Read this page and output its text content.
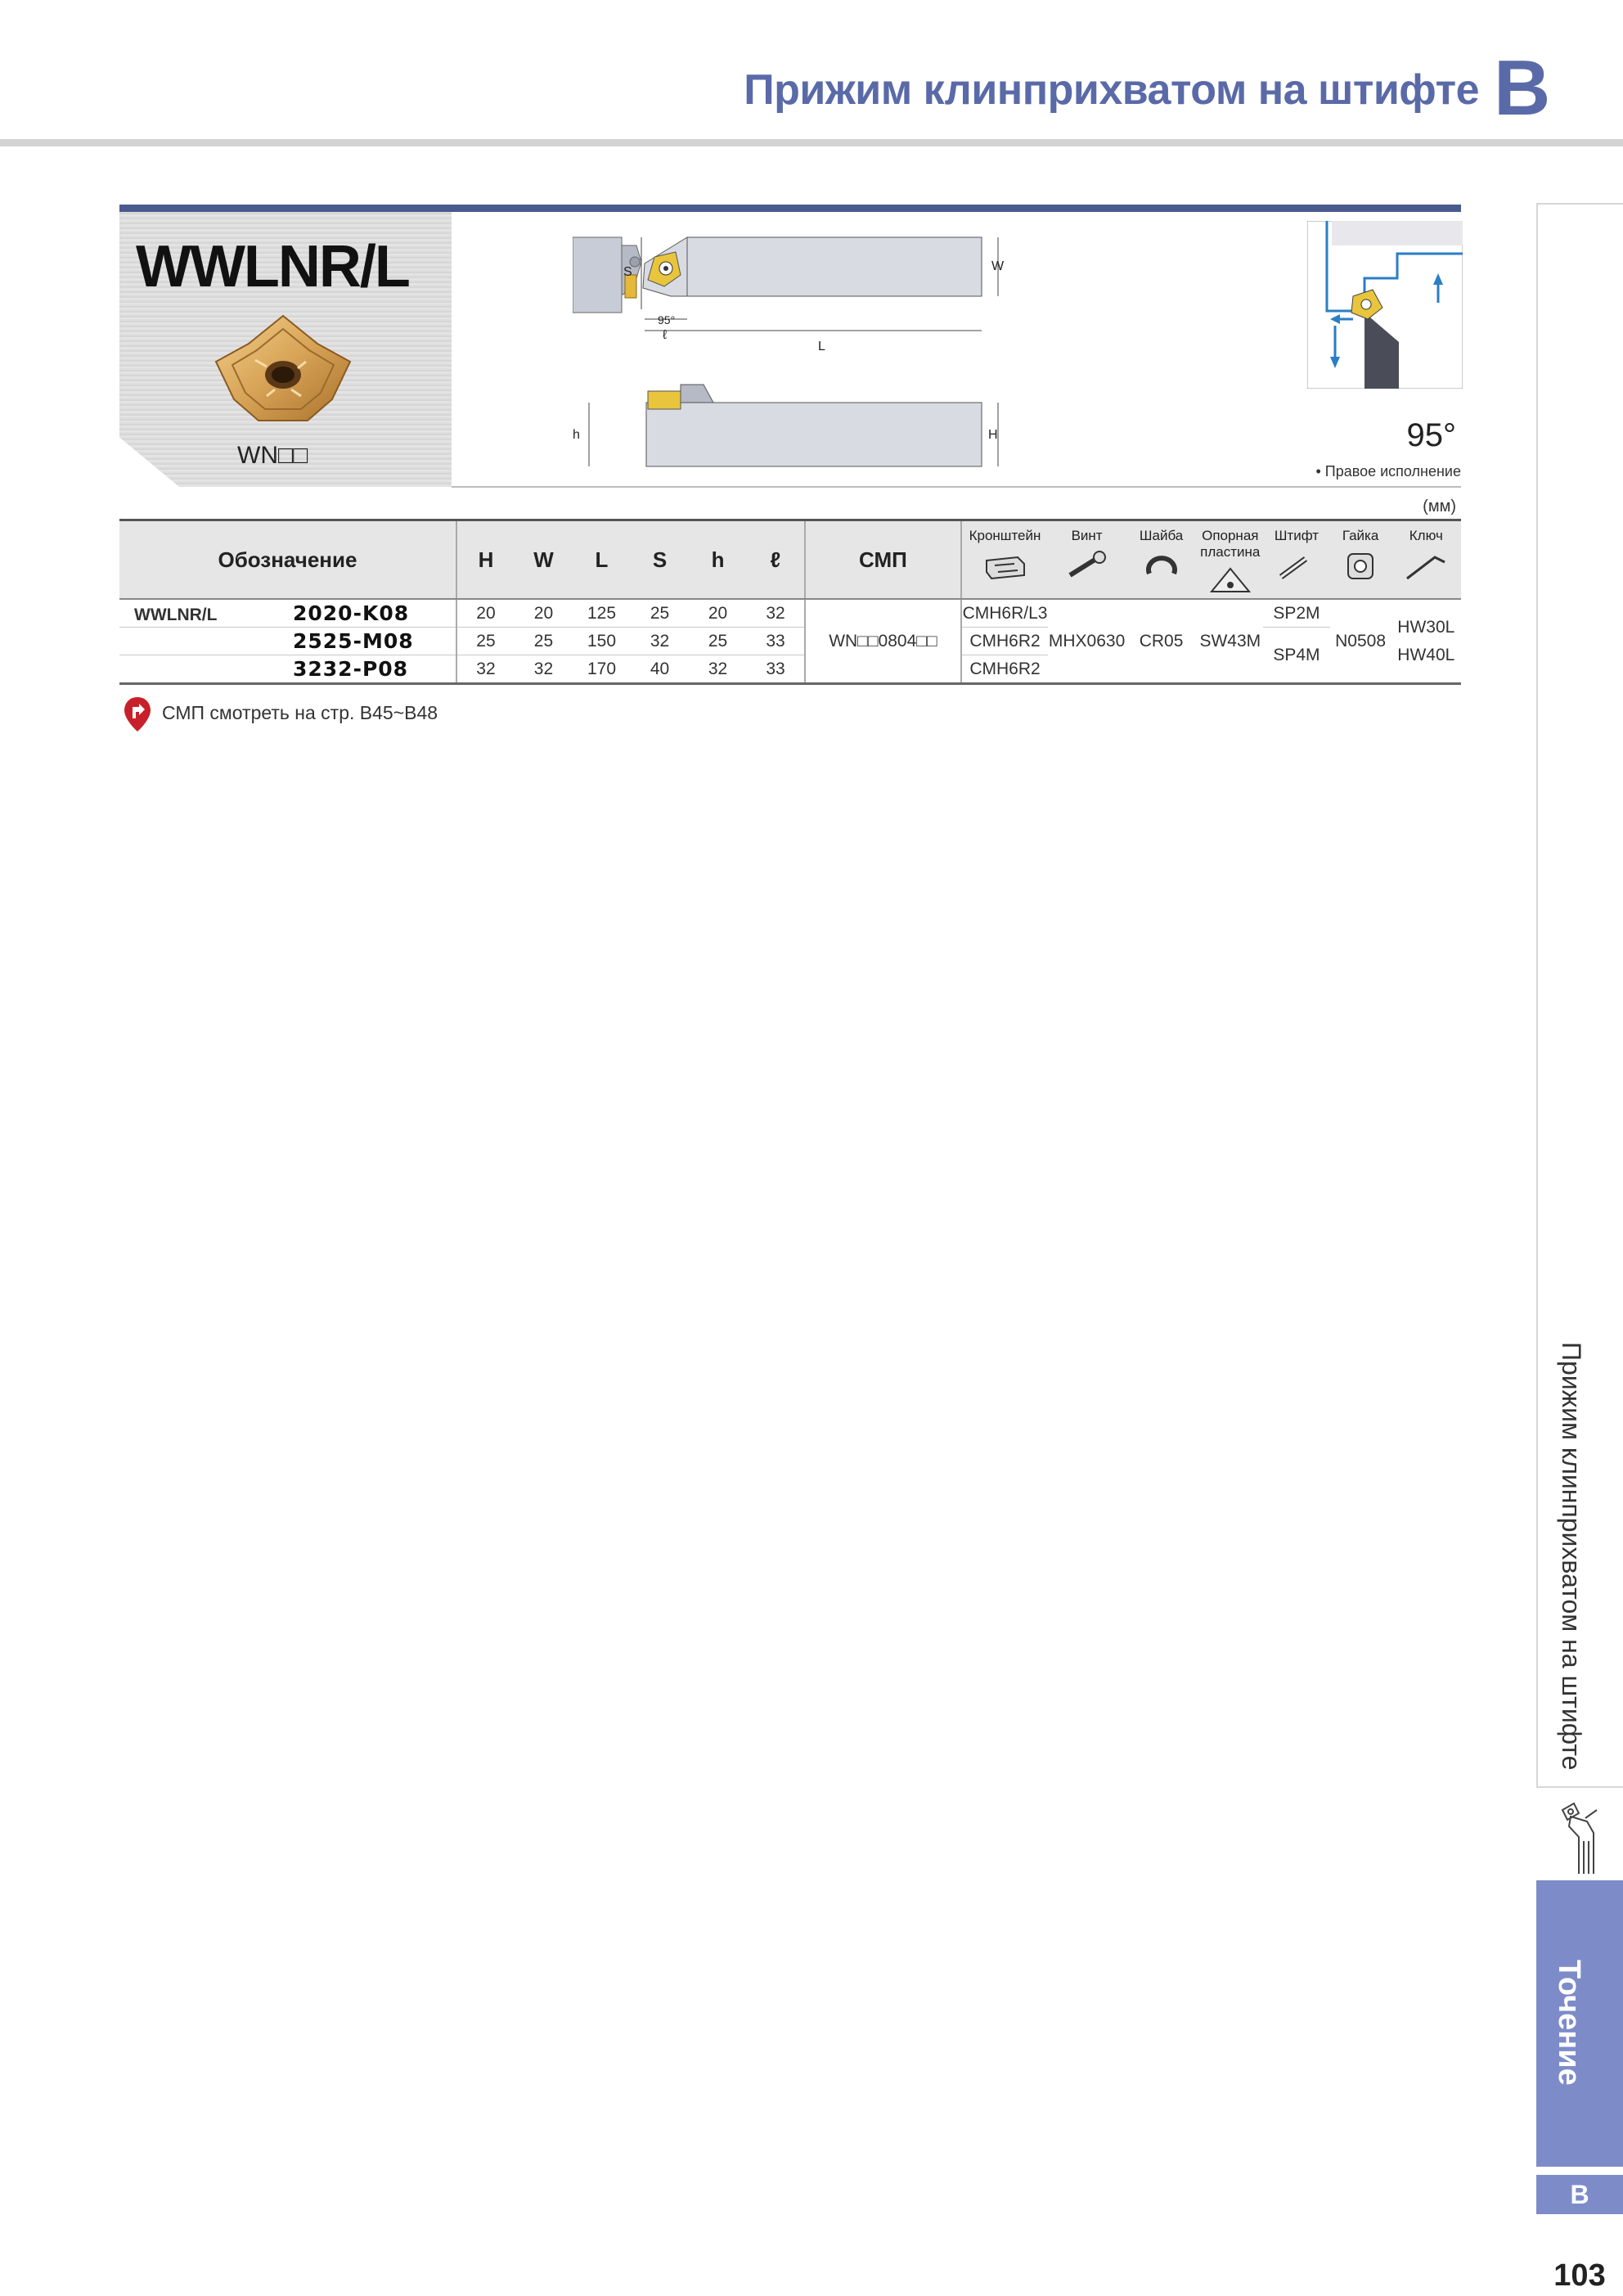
Прижим клинприхватом на штифте B
Прижим клинприхватом на штифте
Точение
B
103
WWLNR/L
WN□□
S	W
ℓ
95°
L
h	H	95°
• Правое исполнение
(мм)
Обозначение	H	W	L	S	h	ℓ	СМП	Кронштейн	Винт	Шайба	Опорная пластина	Штифт	Гайка	Ключ

WWLNR/L 2020-K08	20	20	125	25	20	32	WN□□0804□□	CMH6R/L3	MHX0630	CR05	SW43M	SP2M	N0508	HW30L
HW40L

2525-M08	25	25	150	32	25	33		CMH6R2				SP4M		
3232-P08	32	32	170	40	32	33		CMH6R2						
СМП смотреть на стр. B45~B48
